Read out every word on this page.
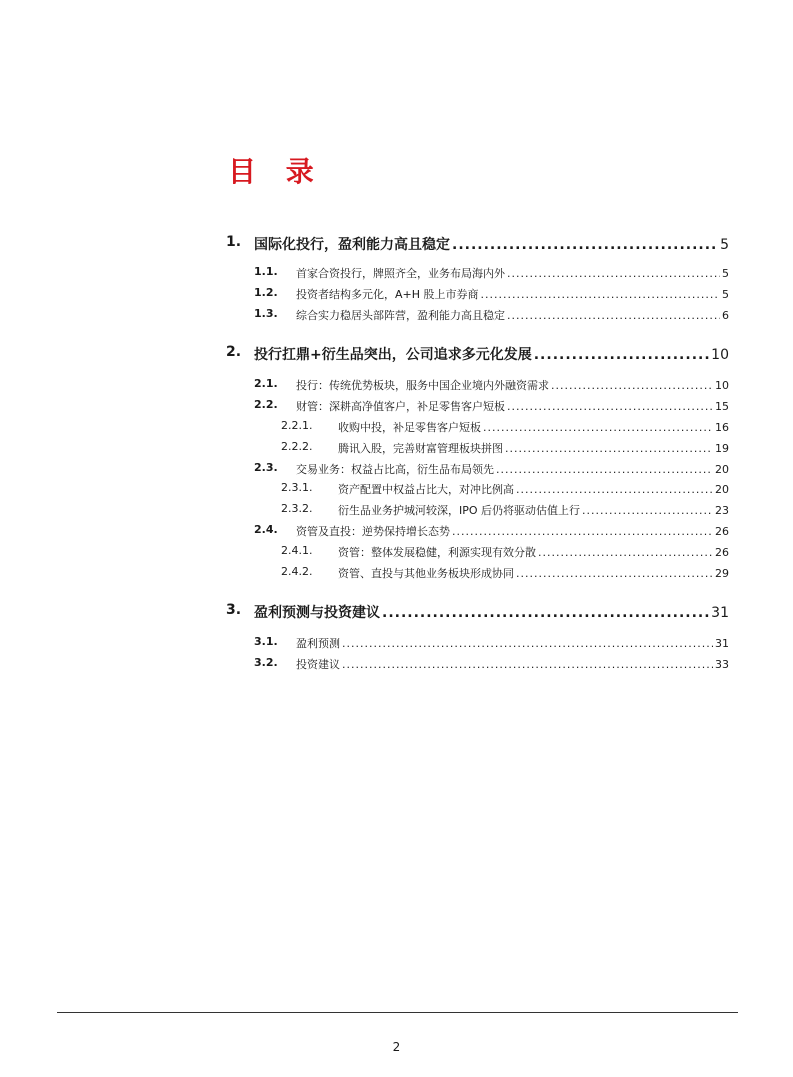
目 录
1. 国际化投行，盈利能力高且稳定 .....	5
1.1. 首家合资投行，牌照齐全，业务布局海内外 .....	5
1.2. 投资者结构多元化，A+H 股上市券商 .....	5
1.3. 综合实力稳居头部阵营，盈利能力高且稳定 .....	6
2. 投行扛鼎+衍生品突出，公司追求多元化发展 .....	10
2.1. 投行：传统优势板块，服务中国企业境内外融资需求 .....	10
2.2. 财管：深耕高净值客户，补足零售客户短板 .....	15
2.2.1. 收购中投，补足零售客户短板 .....	16
2.2.2. 腾讯入股，完善财富管理板块拼图 .....	19
2.3. 交易业务：权益占比高，衍生品布局领先 .....	20
2.3.1. 资产配置中权益占比大，对冲比例高 .....	20
2.3.2. 衍生品业务护城河较深，IPO 后仍将驱动估值上行 .....	23
2.4. 资管及直投：逆势保持增长态势 .....	26
2.4.1. 资管：整体发展稳健，利源实现有效分散 .....	26
2.4.2. 资管、直投与其他业务板块形成协同 .....	29
3. 盈利预测与投资建议 .....	31
3.1. 盈利预测 .....	31
3.2. 投资建议 .....	33
2
